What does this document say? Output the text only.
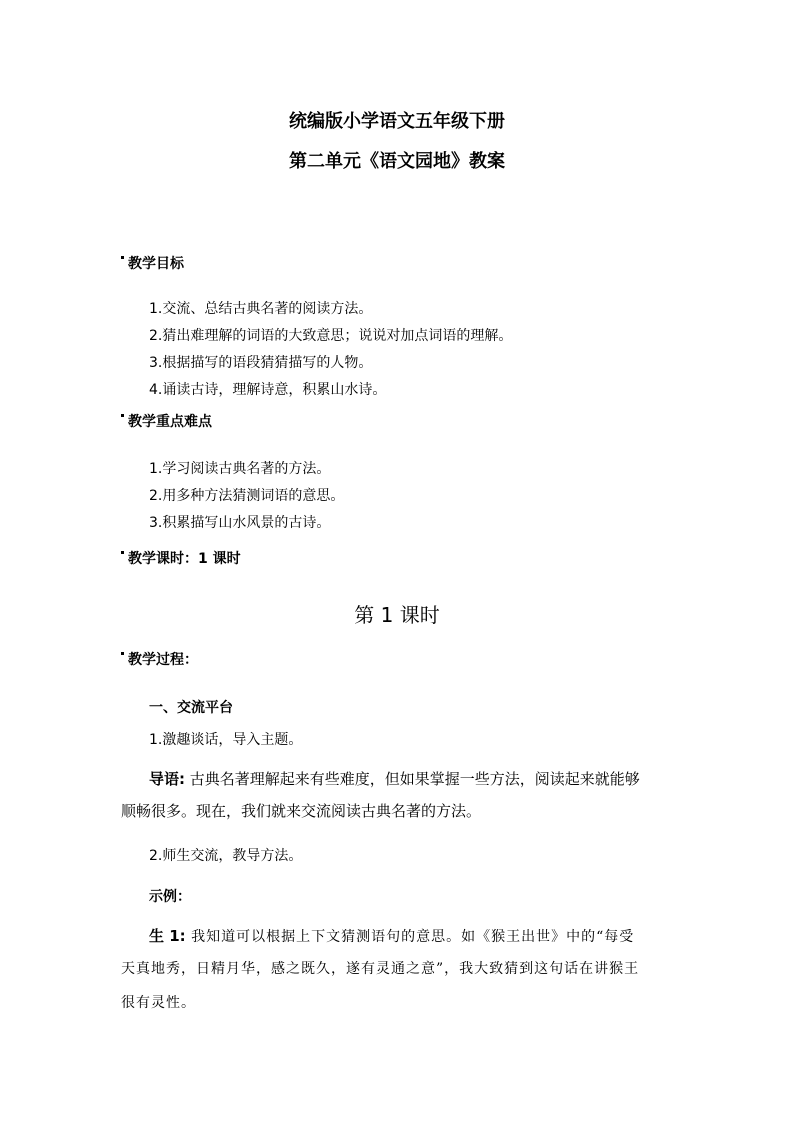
统编版小学语文五年级下册
第二单元《语文园地》教案
教学目标
1.交流、总结古典名著的阅读方法。
2.猜出难理解的词语的大致意思；说说对加点词语的理解。
3.根据描写的语段猜猜描写的人物。
4.诵读古诗，理解诗意，积累山水诗。
教学重点难点
1.学习阅读古典名著的方法。
2.用多种方法猜测词语的意思。
3.积累描写山水风景的古诗。
教学课时：1 课时
第 1 课时
教学过程：
一、交流平台
1.激趣谈话，导入主题。
导语: 古典名著理解起来有些难度，但如果掌握一些方法，阅读起来就能够
顺畅很多。现在，我们就来交流阅读古典名著的方法。
2.师生交流，教导方法。
示例：
生 1: 我知道可以根据上下文猜测语句的意思。如《猴王出世》中的“每受
天真地秀，日精月华，感之既久，遂有灵通之意”，我大致猜到这句话在讲猴王
很有灵性。
